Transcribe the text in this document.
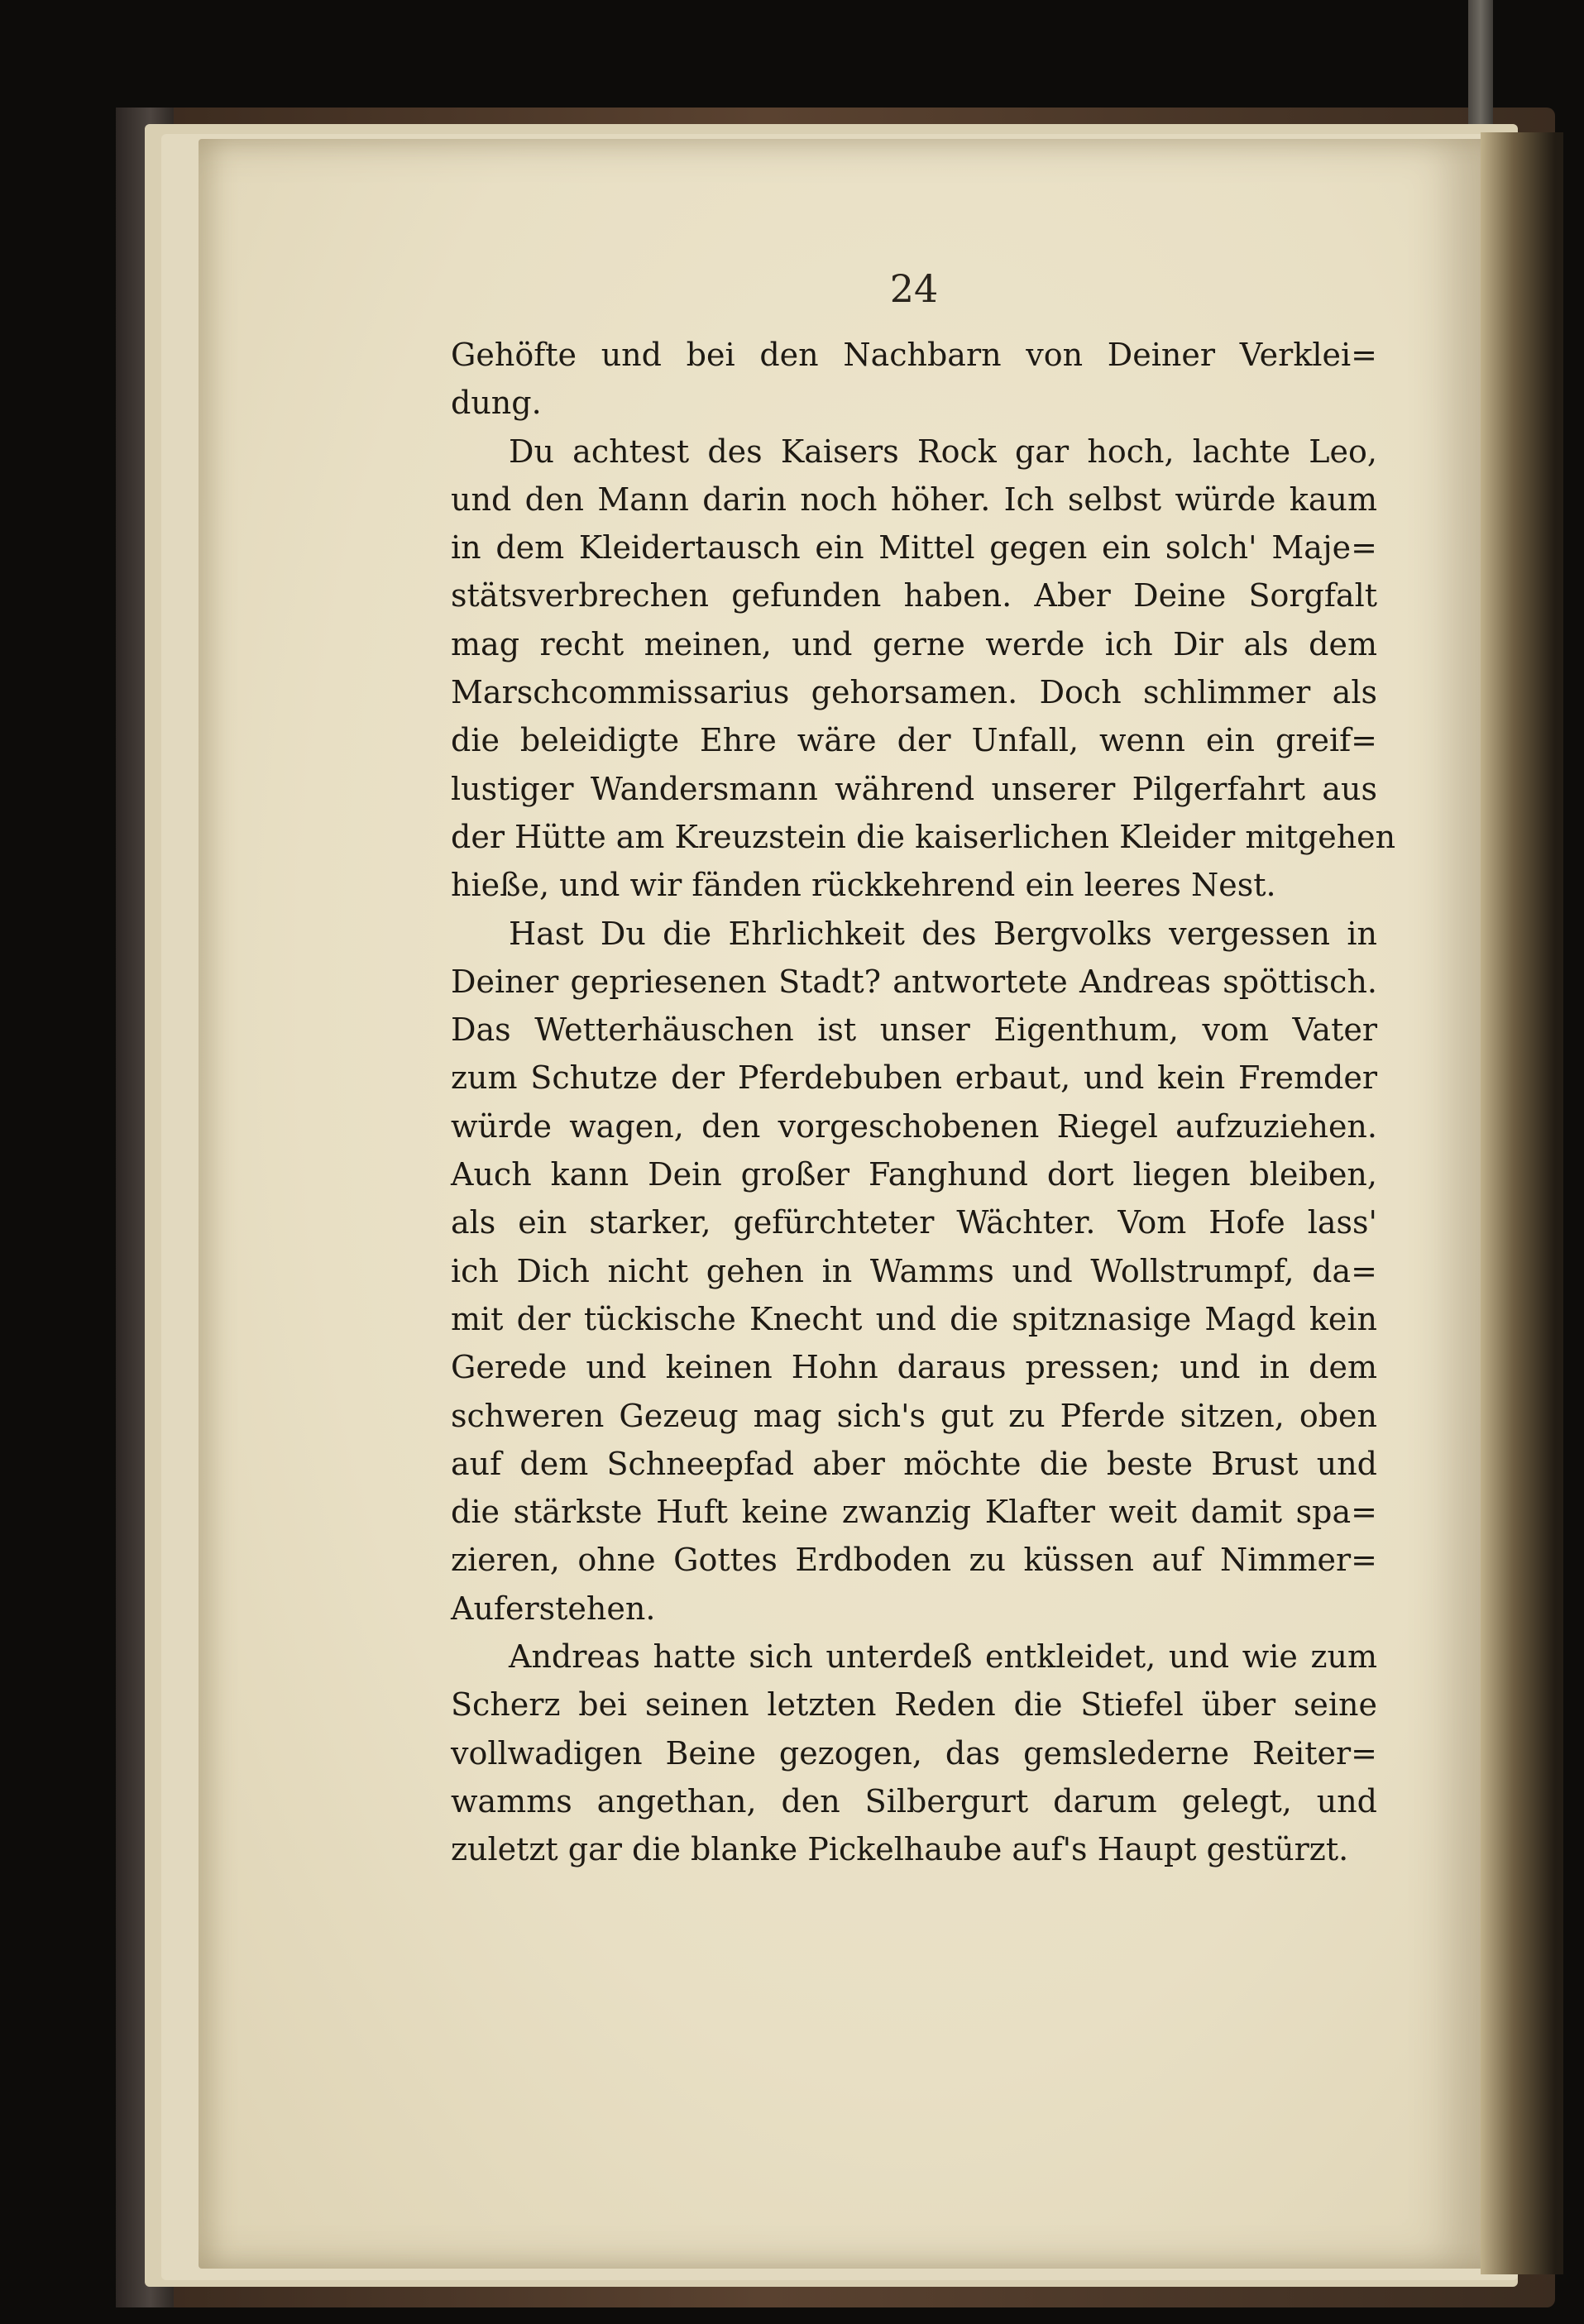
24
Gehöfte und bei den Nachbarn von Deiner Verklei=
dung.
Du achtest des Kaisers Rock gar hoch, lachte Leo,
und den Mann darin noch höher. Ich selbst würde kaum
in dem Kleidertausch ein Mittel gegen ein solch' Maje=
stätsverbrechen gefunden haben. Aber Deine Sorgfalt
mag recht meinen, und gerne werde ich Dir als dem
Marschcommissarius gehorsamen. Doch schlimmer als
die beleidigte Ehre wäre der Unfall, wenn ein greif=
lustiger Wandersmann während unserer Pilgerfahrt aus
der Hütte am Kreuzstein die kaiserlichen Kleider mitgehen
hieße, und wir fänden rückkehrend ein leeres Nest.
Hast Du die Ehrlichkeit des Bergvolks vergessen in
Deiner gepriesenen Stadt? antwortete Andreas spöttisch.
Das Wetterhäuschen ist unser Eigenthum, vom Vater
zum Schutze der Pferdebuben erbaut, und kein Fremder
würde wagen, den vorgeschobenen Riegel aufzuziehen.
Auch kann Dein großer Fanghund dort liegen bleiben,
als ein starker, gefürchteter Wächter. Vom Hofe lass'
ich Dich nicht gehen in Wamms und Wollstrumpf, da=
mit der tückische Knecht und die spitznasige Magd kein
Gerede und keinen Hohn daraus pressen; und in dem
schweren Gezeug mag sich's gut zu Pferde sitzen, oben
auf dem Schneepfad aber möchte die beste Brust und
die stärkste Huft keine zwanzig Klafter weit damit spa=
zieren, ohne Gottes Erdboden zu küssen auf Nimmer=
Auferstehen.
Andreas hatte sich unterdeß entkleidet, und wie zum
Scherz bei seinen letzten Reden die Stiefel über seine
vollwadigen Beine gezogen, das gemslederne Reiter=
wamms angethan, den Silbergurt darum gelegt, und
zuletzt gar die blanke Pickelhaube auf's Haupt gestürzt.
